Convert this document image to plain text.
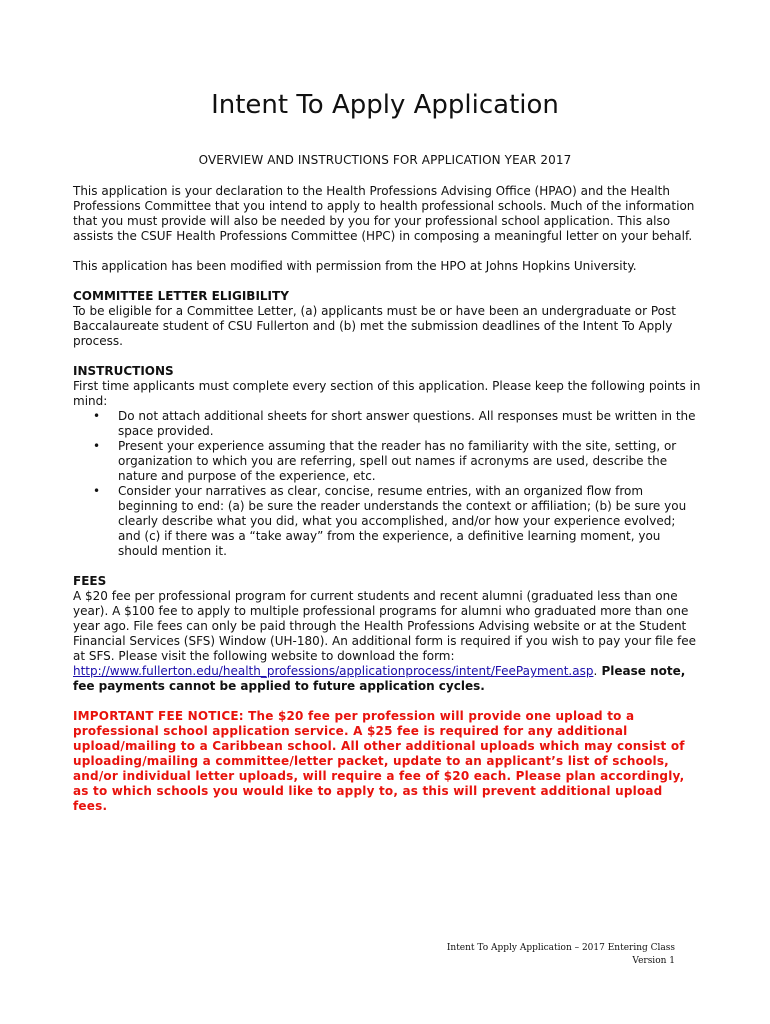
Intent To Apply Application
OVERVIEW AND INSTRUCTIONS FOR APPLICATION YEAR 2017

This application is your declaration to the Health Professions Advising Office (HPAO) and the Health Professions Committee that you intend to apply to health professional schools. Much of the information that you must provide will also be needed by you for your professional school application. This also assists the CSUF Health Professions Committee (HPC) in composing a meaningful letter on your behalf.

This application has been modified with permission from the HPO at Johns Hopkins University.

COMMITTEE LETTER ELIGIBILITY

To be eligible for a Committee Letter, (a) applicants must be or have been an undergraduate or Post Baccalaureate student of CSU Fullerton and (b) met the submission deadlines of the Intent To Apply process.

INSTRUCTIONS

First time applicants must complete every section of this application. Please keep the following points in mind:

• Do not attach additional sheets for short answer questions. All responses must be written in the space provided.
• Present your experience assuming that the reader has no familiarity with the site, setting, or organization to which you are referring, spell out names if acronyms are used, describe the nature and purpose of the experience, etc.
• Consider your narratives as clear, concise, resume entries, with an organized flow from beginning to end: (a) be sure the reader understands the context or affiliation; (b) be sure you clearly describe what you did, what you accomplished, and/or how your experience evolved; and (c) if there was a “take away” from the experience, a definitive learning moment, you should mention it.

FEES

A $20 fee per professional program for current students and recent alumni (graduated less than one year). A $100 fee to apply to multiple professional programs for alumni who graduated more than one year ago. File fees can only be paid through the Health Professions Advising website or at the Student Financial Services (SFS) Window (UH-180). An additional form is required if you wish to pay your file fee at SFS. Please visit the following website to download the form: http://www.fullerton.edu/health_professions/applicationprocess/intent/FeePayment.asp. Please note, fee payments cannot be applied to future application cycles.

IMPORTANT FEE NOTICE: The $20 fee per profession will provide one upload to a professional school application service. A $25 fee is required for any additional upload/mailing to a Caribbean school. All other additional uploads which may consist of uploading/mailing a committee/letter packet, update to an applicant’s list of schools, and/or individual letter uploads, will require a fee of $20 each. Please plan accordingly, as to which schools you would like to apply to, as this will prevent additional upload fees.

Intent To Apply Application – 2017 Entering Class
Version 1
